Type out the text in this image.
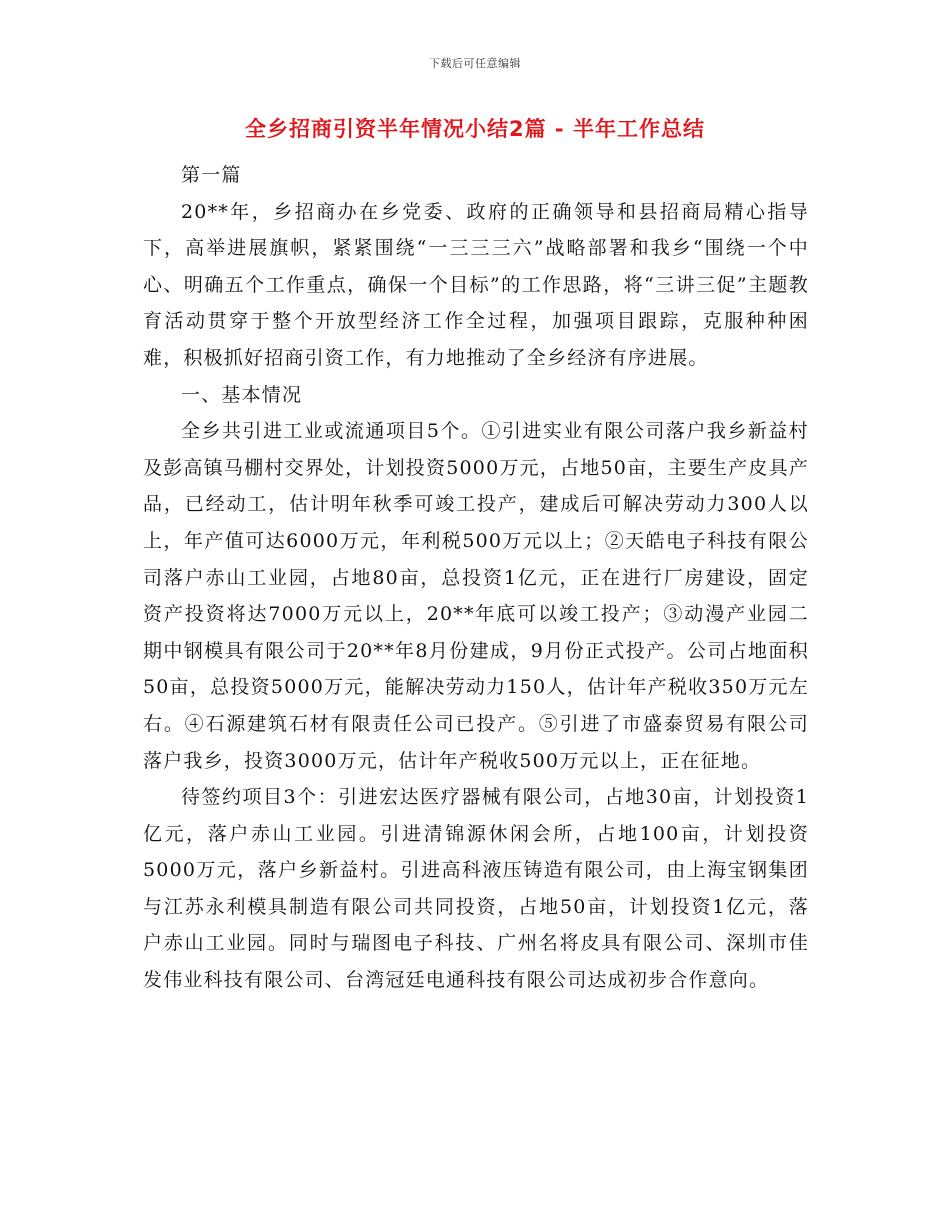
下载后可任意编辑
全乡招商引资半年情况小结2篇 - 半年工作总结

第一篇

20**年，乡招商办在乡党委、政府的正确领导和县招商局精心指导下，高举进展旗帜，紧紧围绕“一三三三六”战略部署和我乡“围绕一个中心、明确五个工作重点，确保一个目标”的工作思路，将“三讲三促”主题教育活动贯穿于整个开放型经济工作全过程，加强项目跟踪，克服种种困难，积极抓好招商引资工作，有力地推动了全乡经济有序进展。

一、基本情况

全乡共引进工业或流通项目5个。①引进实业有限公司落户我乡新益村及彭高镇马棚村交界处，计划投资5000万元，占地50亩，主要生产皮具产品，已经动工，估计明年秋季可竣工投产，建成后可解决劳动力300人以上，年产值可达6000万元，年利税500万元以上；②天皓电子科技有限公司落户赤山工业园，占地80亩，总投资1亿元，正在进行厂房建设，固定资产投资将达7000万元以上，20**年底可以竣工投产；③动漫产业园二期中钢模具有限公司于20**年8月份建成，9月份正式投产。公司占地面积50亩，总投资5000万元，能解决劳动力150人，估计年产税收350万元左右。④石源建筑石材有限责任公司已投产。⑤引进了市盛泰贸易有限公司落户我乡，投资3000万元，估计年产税收500万元以上，正在征地。

待签约项目3个：引进宏达医疗器械有限公司，占地30亩，计划投资1亿元，落户赤山工业园。引进清锦源休闲会所，占地100亩，计划投资5000万元，落户乡新益村。引进高科液压铸造有限公司，由上海宝钢集团与江苏永利模具制造有限公司共同投资，占地50亩，计划投资1亿元，落户赤山工业园。同时与瑞图电子科技、广州名将皮具有限公司、深圳市佳发伟业科技有限公司、台湾冠廷电通科技有限公司达成初步合作意向。
